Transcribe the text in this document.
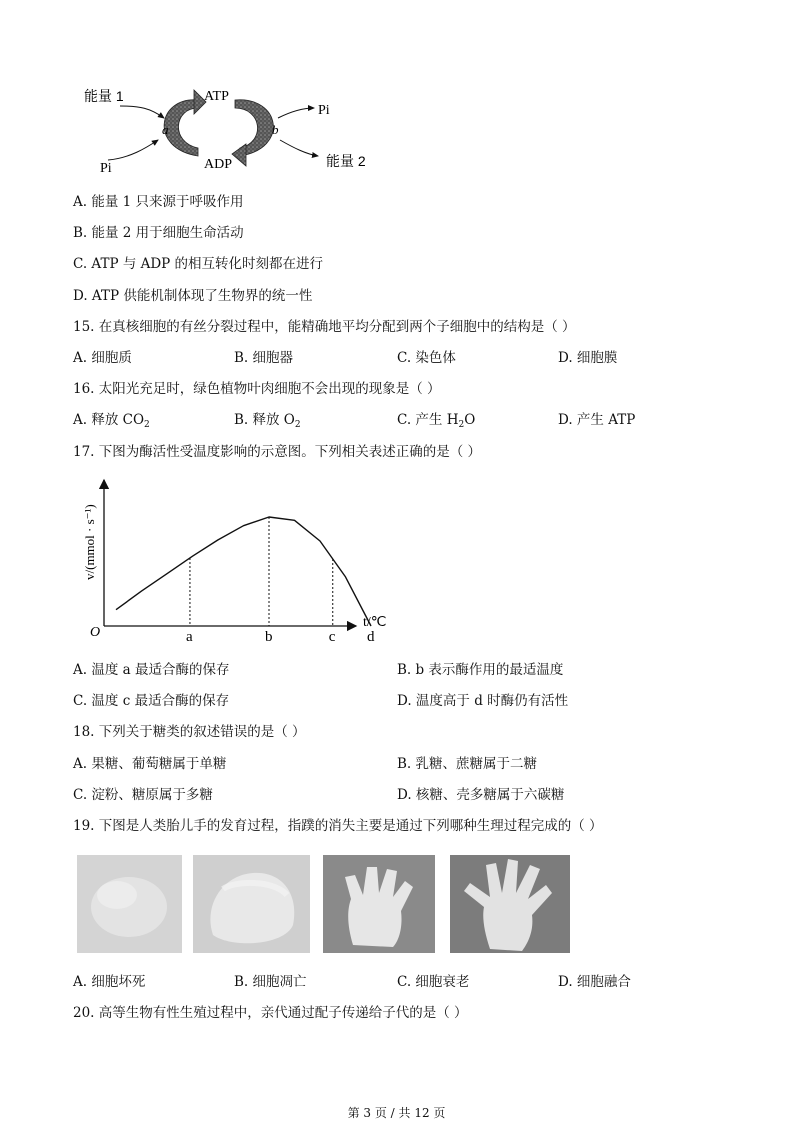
能量 1	ATP
Pi
a	b
Pi	ADP	能量 2
A. 能量 1 只来源于呼吸作用
B. 能量 2 用于细胞生命活动
C. ATP 与 ADP 的相互转化时刻都在进行
D. ATP 供能机制体现了生物界的统一性
15. 在真核细胞的有丝分裂过程中，能精确地平均分配到两个子细胞中的结构是（ ）
A. 细胞质	B. 细胞器	C. 染色体	D. 细胞膜
16. 太阳光充足时，绿色植物叶肉细胞不会出现的现象是（ ）
A. 释放 $CO_2$	B. 释放 $O_2$	C. 产生 $H_2O$	D. 产生 ATP
17. 下图为酶活性受温度影响的示意图。下列相关表述正确的是（ ）
a	b	c d
O
t/℃
v/(mmol · s⁻¹)
A. 温度 a 最适合酶的保存	B. b 表示酶作用的最适温度
C. 温度 c 最适合酶的保存	D. 温度高于 d 时酶仍有活性
18. 下列关于糖类的叙述错误的是（ ）
A. 果糖、葡萄糖属于单糖	B. 乳糖、蔗糖属于二糖
C. 淀粉、糖原属于多糖	D. 核糖、壳多糖属于六碳糖
19. 下图是人类胎儿手的发育过程，指蹼的消失主要是通过下列哪种生理过程完成的（ ）
A. 细胞坏死	B. 细胞凋亡	C. 细胞衰老	D. 细胞融合
20. 高等生物有性生殖过程中，亲代通过配子传递给子代的是（ ）
第 3 页 / 共 12 页
